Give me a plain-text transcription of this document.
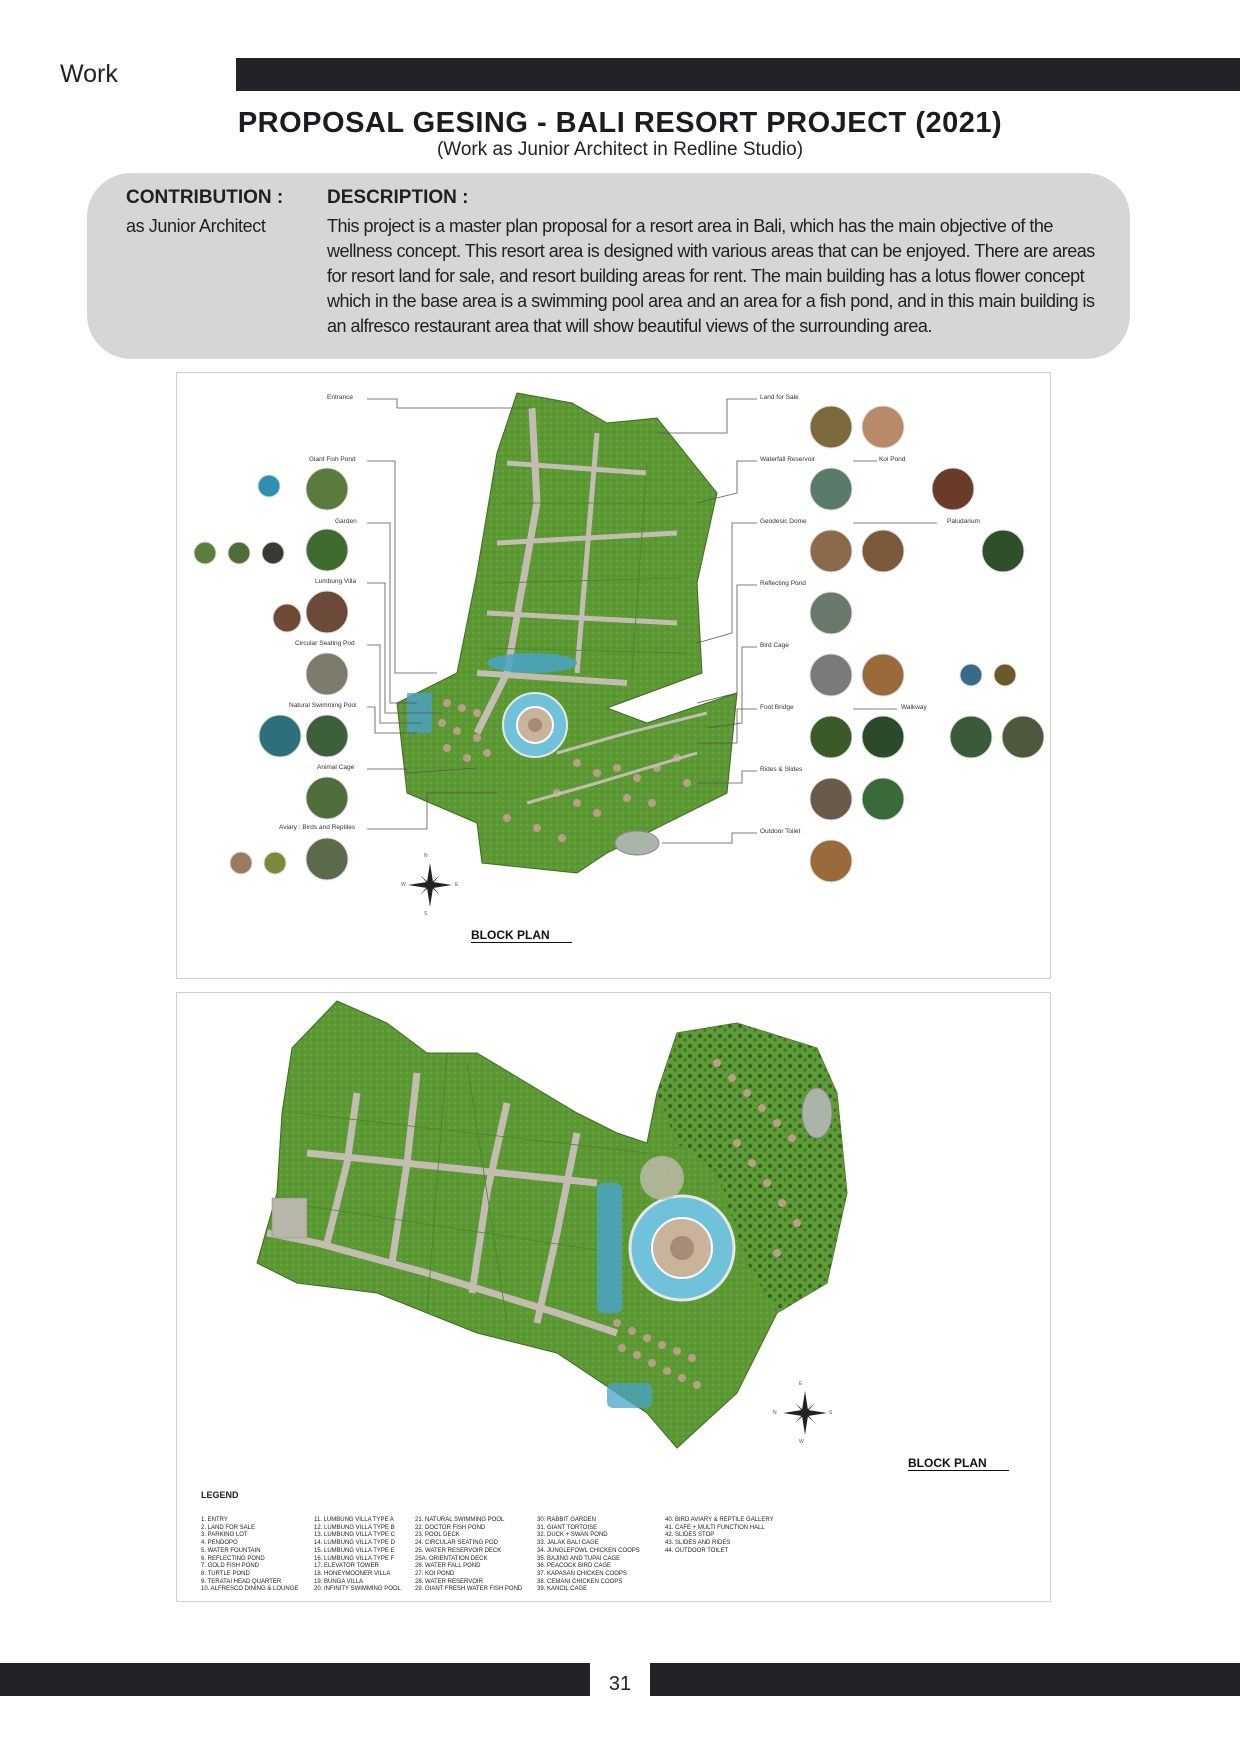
Work
PROPOSAL GESING - BALI RESORT PROJECT (2021)
(Work as Junior Architect in Redline Studio)
CONTRIBUTION :
as Junior Architect
DESCRIPTION :
This project is a master plan proposal for a resort area in Bali, which has the main objective of the wellness concept. This resort area is designed with various areas that can be enjoyed. There are areas for resort land for sale, and resort building areas for rent. The main building has a lotus flower concept which in the base area is a swimming pool area and an area for a fish pond, and in this main building is an alfresco restaurant area that will show beautiful views of the surrounding area.
N
S
E
W
BLOCK PLAN
Entrance
Giant Fish Pond
Garden
Lumbung Villa
Circular Seating Pod
Natural Swimming Pool
Animal Cage
Aviary : Birds and Reptiles
Land for Sale
Waterfall Reservoir	Koi Pond
Geodesic Dome	Paludarium
Reflecting Pond
Bird Cage
Foot Bridge	Walkway
Rides & Slides
Outdoor Toilet
E
W
N	S
BLOCK PLAN
LEGEND
1. ENTRY
2. LAND FOR SALE
3. PARKING LOT
4. PENDOPO
5. WATER FOUNTAIN
6. REFLECTING POND
7. GOLD FISH POND
8. TURTLE POND
9. TERATAI HEAD QUARTER
10. ALFRESCO DINING & LOUNGE
11. LUMBUNG VILLA TYPE A
12. LUMBUNG VILLA TYPE B
13. LUMBUNG VILLA TYPE C
14. LUMBUNG VILLA TYPE D
15. LUMBUNG VILLA TYPE E
16. LUMBUNG VILLA TYPE F
17. ELEVATOR TOWER
18. HONEYMOONER VILLA
19. BUNGA VILLA
20. INFINITY SWIMMING POOL
21. NATURAL SWIMMING POOL
22. DOCTOR FISH POND
23. POOL DECK
24. CIRCULAR SEATING POD
25. WATER RESERVOIR DECK
25A. ORIENTATION DECK
26. WATER FALL POND
27. KOI POND
28. WATER RESERVOIR
29. GIANT FRESH WATER FISH POND
30. RABBIT GARDEN
31. GIANT TORTOISE
32. DUCK + SWAN POND
33. JALAK BALI CAGE
34. JUNGLEFOWL CHICKEN COOPS
35. BAJING AND TUPAI CAGE
36. PEACOCK BIRD CAGE
37. KAPASAN CHICKEN COOPS
38. CEMANI CHICKEN COOPS
39. KANCIL CAGE
40. BIRD AVIARY & REPTILE GALLERY
41. CAFE + MULTI FUNCTION HALL
42. SLIDES STOP
43. SLIDES AND RIDES
44. OUTDOOR TOILET
31
